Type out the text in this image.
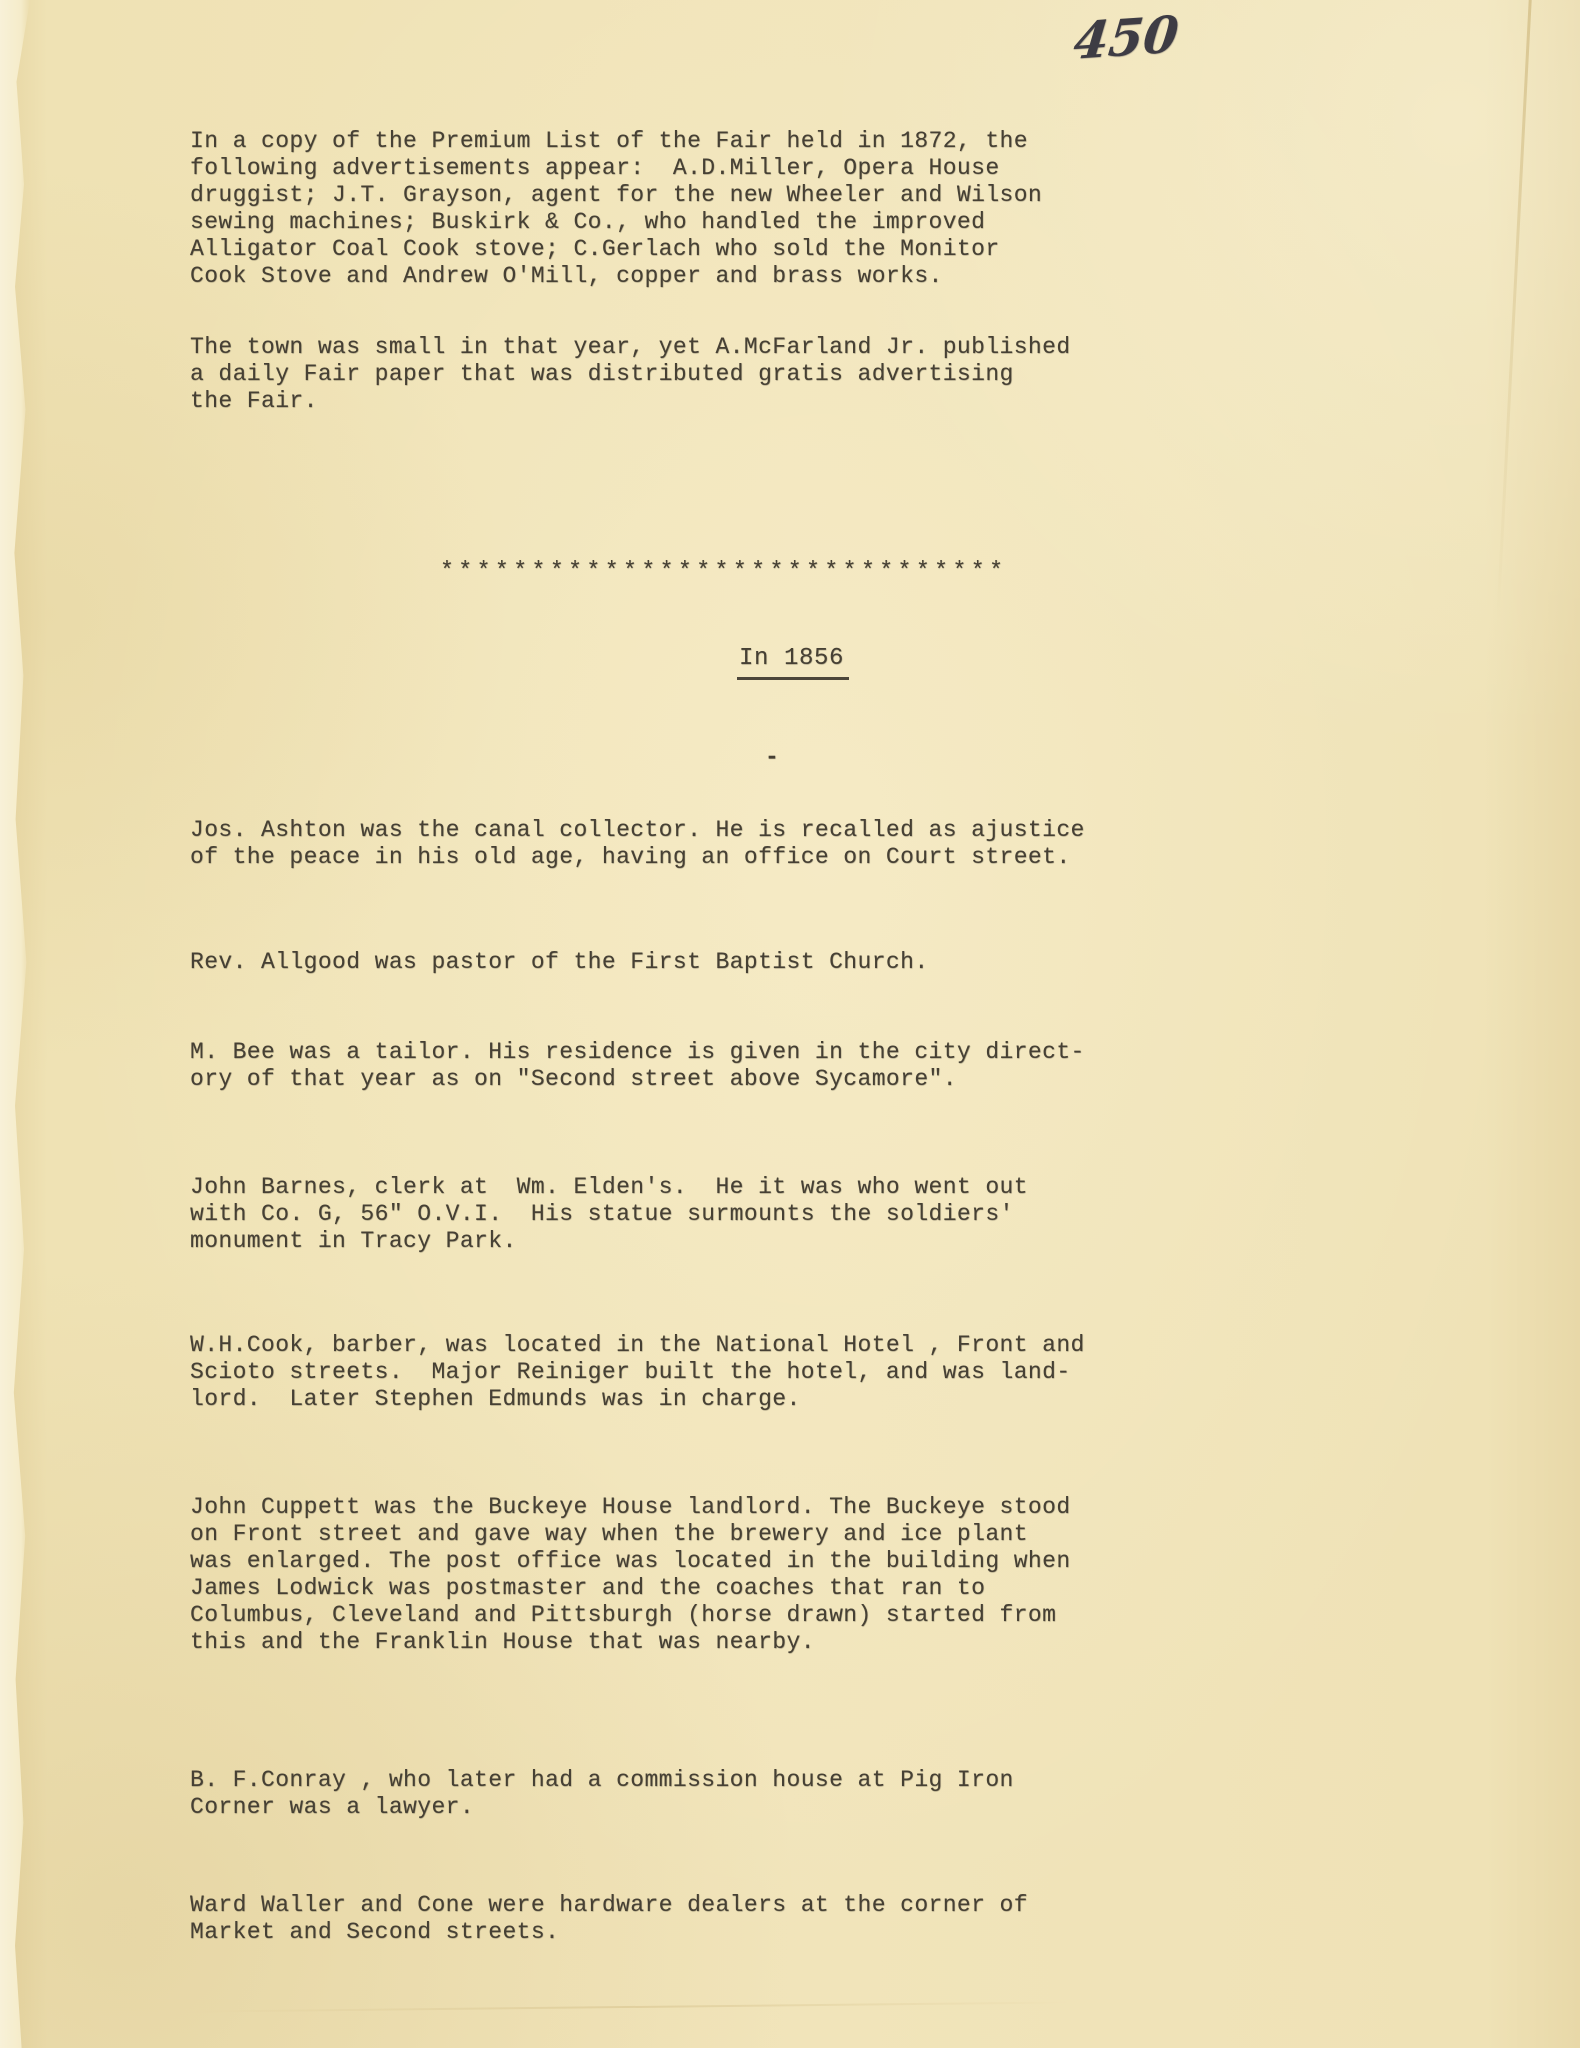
450
In a copy of the Premium List of the Fair held in 1872, the
following advertisements appear:  A.D.Miller, Opera House
druggist; J.T. Grayson, agent for the new Wheeler and Wilson
sewing machines; Buskirk & Co., who handled the improved
Alligator Coal Cook stove; C.Gerlach who sold the Monitor
Cook Stove and Andrew O'Mill, copper and brass works.
The town was small in that year, yet A.McFarland Jr. published
a daily Fair paper that was distributed gratis advertising
the Fair.
*******************************
In 1856
-
Jos. Ashton was the canal collector. He is recalled as ajustice
of the peace in his old age, having an office on Court street.
Rev. Allgood was pastor of the First Baptist Church.
M. Bee was a tailor. His residence is given in the city direct-
ory of that year as on "Second street above Sycamore".
John Barnes, clerk at  Wm. Elden's.  He it was who went out
with Co. G, 56" O.V.I.  His statue surmounts the soldiers'
monument in Tracy Park.
W.H.Cook, barber, was located in the National Hotel , Front and
Scioto streets.  Major Reiniger built the hotel, and was land-
lord.  Later Stephen Edmunds was in charge.
John Cuppett was the Buckeye House landlord. The Buckeye stood
on Front street and gave way when the brewery and ice plant
was enlarged. The post office was located in the building when
James Lodwick was postmaster and the coaches that ran to
Columbus, Cleveland and Pittsburgh (horse drawn) started from
this and the Franklin House that was nearby.
B. F.Conray , who later had a commission house at Pig Iron
Corner was a lawyer.
Ward Waller and Cone were hardware dealers at the corner of
Market and Second streets.
